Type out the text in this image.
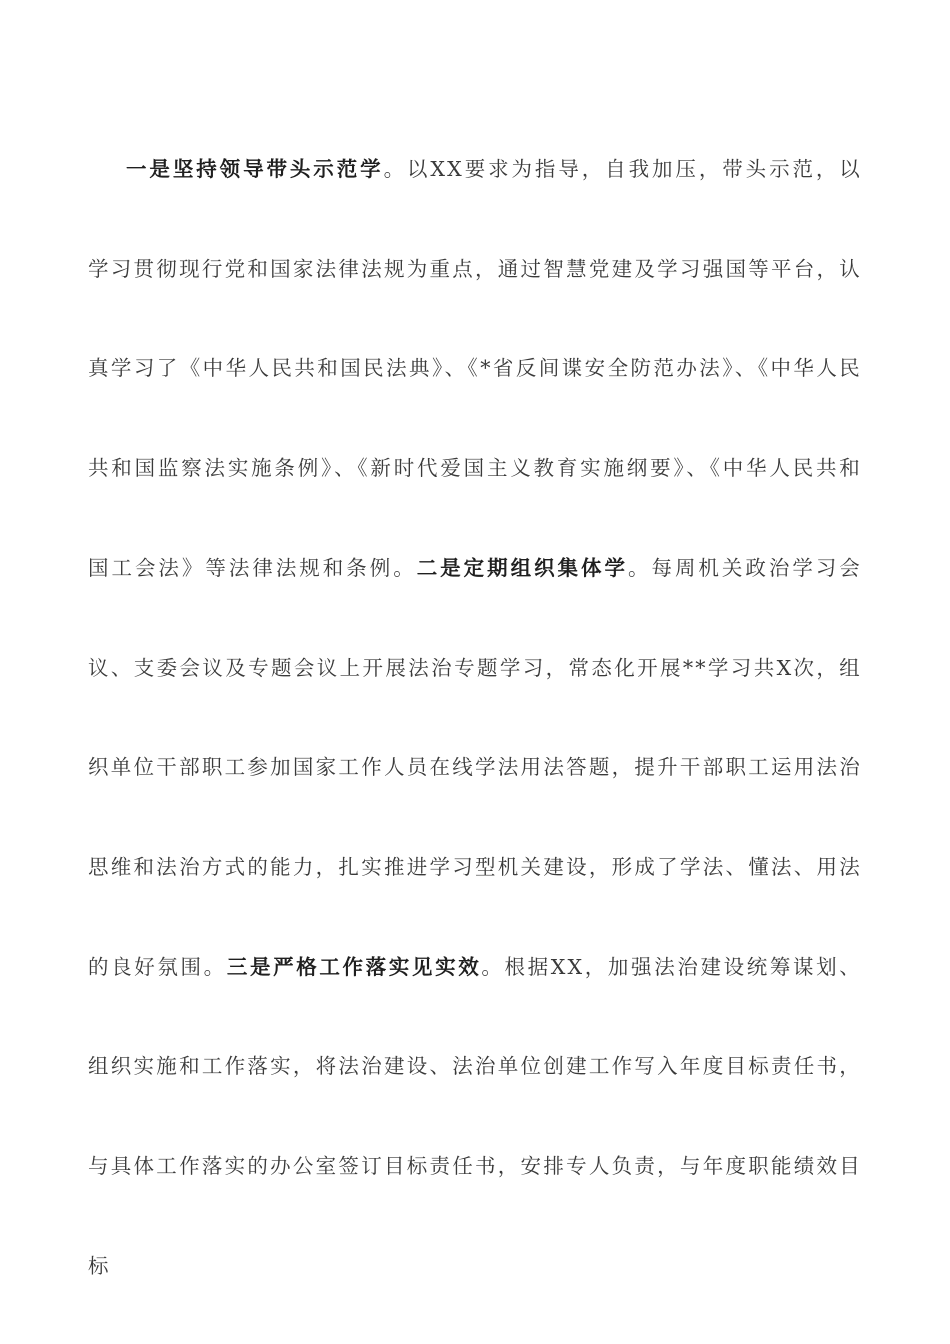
一是坚持领导带头示范学。以XX要求为指导，自我加压，带头示范，以学习贯彻现行党和国家法律法规为重点，通过智慧党建及学习强国等平台，认真学习了《中华人民共和国民法典》、《*省反间谍安全防范办法》、《中华人民共和国监察法实施条例》、《新时代爱国主义教育实施纲要》、《中华人民共和国工会法》等法律法规和条例。二是定期组织集体学。每周机关政治学习会议、支委会议及专题会议上开展法治专题学习，常态化开展**学习共X次，组织单位干部职工参加国家工作人员在线学法用法答题，提升干部职工运用法治思维和法治方式的能力，扎实推进学习型机关建设，形成了学法、懂法、用法的良好氛围。三是严格工作落实见实效。根据XX，加强法治建设统筹谋划、组织实施和工作落实，将法治建设、法治单位创建工作写入年度目标责任书，与具体工作落实的办公室签订目标责任书，安排专人负责，与年度职能绩效目标
